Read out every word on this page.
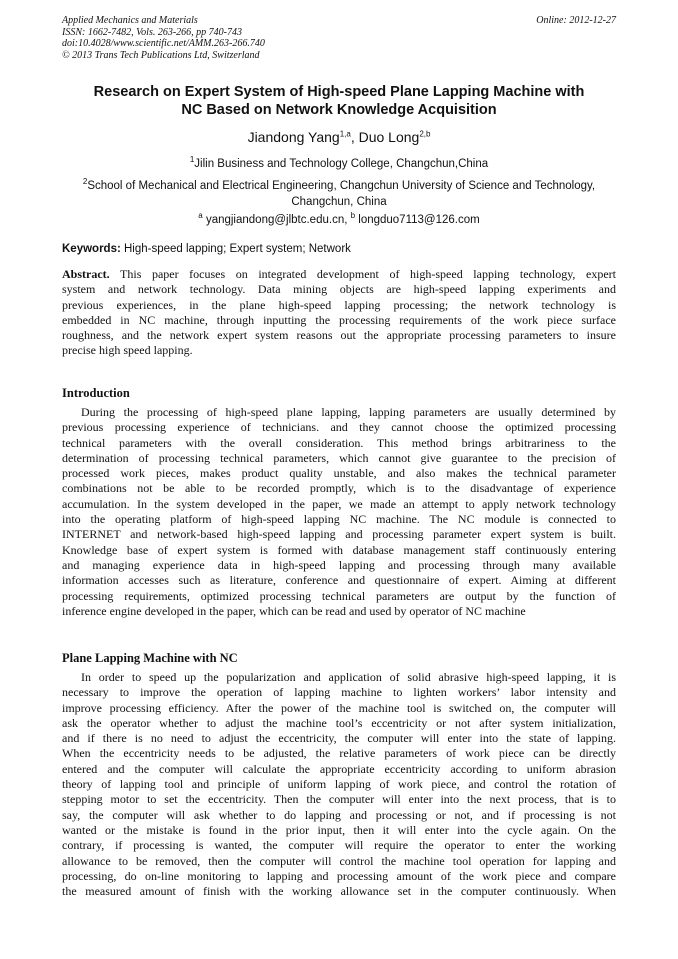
Applied Mechanics and Materials
ISSN: 1662-7482, Vols. 263-266, pp 740-743
doi:10.4028/www.scientific.net/AMM.263-266.740
© 2013 Trans Tech Publications Ltd, Switzerland
Online: 2012-12-27
Research on Expert System of High-speed Plane Lapping Machine with
NC Based on Network Knowledge Acquisition
Jiandong Yang$^{1,a}$, Duo Long$^{2,b}$
$^1$Jilin Business and Technology College, Changchun,China
$^2$School of Mechanical and Electrical Engineering, Changchun University of Science and Technology,
Changchun, China
$^a$ yangjiandong@jlbtc.edu.cn, $^b$ longduo7113@126.com
Keywords: High-speed lapping; Expert system; Network
Abstract. This paper focuses on integrated development of high-speed lapping technology, expert
system and network technology. Data mining objects are high-speed lapping experiments and
previous experiences, in the plane high-speed lapping processing; the network technology is
embedded in NC machine, through inputting the processing requirements of the work piece surface
roughness, and the network expert system reasons out the appropriate processing parameters to insure
precise high speed lapping.
Introduction
During the processing of high-speed plane lapping, lapping parameters are usually determined by
previous processing experience of technicians. and they cannot choose the optimized processing
technical parameters with the overall consideration. This method brings arbitrariness to the
determination of processing technical parameters, which cannot give guarantee to the precision of
processed work pieces, makes product quality unstable, and also makes the technical parameter
combinations not be able to be recorded promptly, which is to the disadvantage of experience
accumulation. In the system developed in the paper, we made an attempt to apply network technology
into the operating platform of high-speed lapping NC machine. The NC module is connected to
INTERNET and network-based high-speed lapping and processing parameter expert system is built.
Knowledge base of expert system is formed with database management staff continuously entering
and managing experience data in high-speed lapping and processing through many available
information accesses such as literature, conference and questionnaire of expert. Aiming at different
processing requirements, optimized processing technical parameters are output by the function of
inference engine developed in the paper, which can be read and used by operator of NC machine
Plane Lapping Machine with NC
In order to speed up the popularization and application of solid abrasive high-speed lapping, it is
necessary to improve the operation of lapping machine to lighten workers’ labor intensity and
improve processing efficiency. After the power of the machine tool is switched on, the computer will
ask the operator whether to adjust the machine tool’s eccentricity or not after system initialization,
and if there is no need to adjust the eccentricity, the computer will enter into the state of lapping.
When the eccentricity needs to be adjusted, the relative parameters of work piece can be directly
entered and the computer will calculate the appropriate eccentricity according to uniform abrasion
theory of lapping tool and principle of uniform lapping of work piece, and control the rotation of
stepping motor to set the eccentricity. Then the computer will enter into the next process, that is to
say, the computer will ask whether to do lapping and processing or not, and if processing is not
wanted or the mistake is found in the prior input, then it will enter into the cycle again. On the
contrary, if processing is wanted, the computer will require the operator to enter the working
allowance to be removed, then the computer will control the machine tool operation for lapping and
processing, do on-line monitoring to lapping and processing amount of the work piece and compare
the measured amount of finish with the working allowance set in the computer continuously. When
